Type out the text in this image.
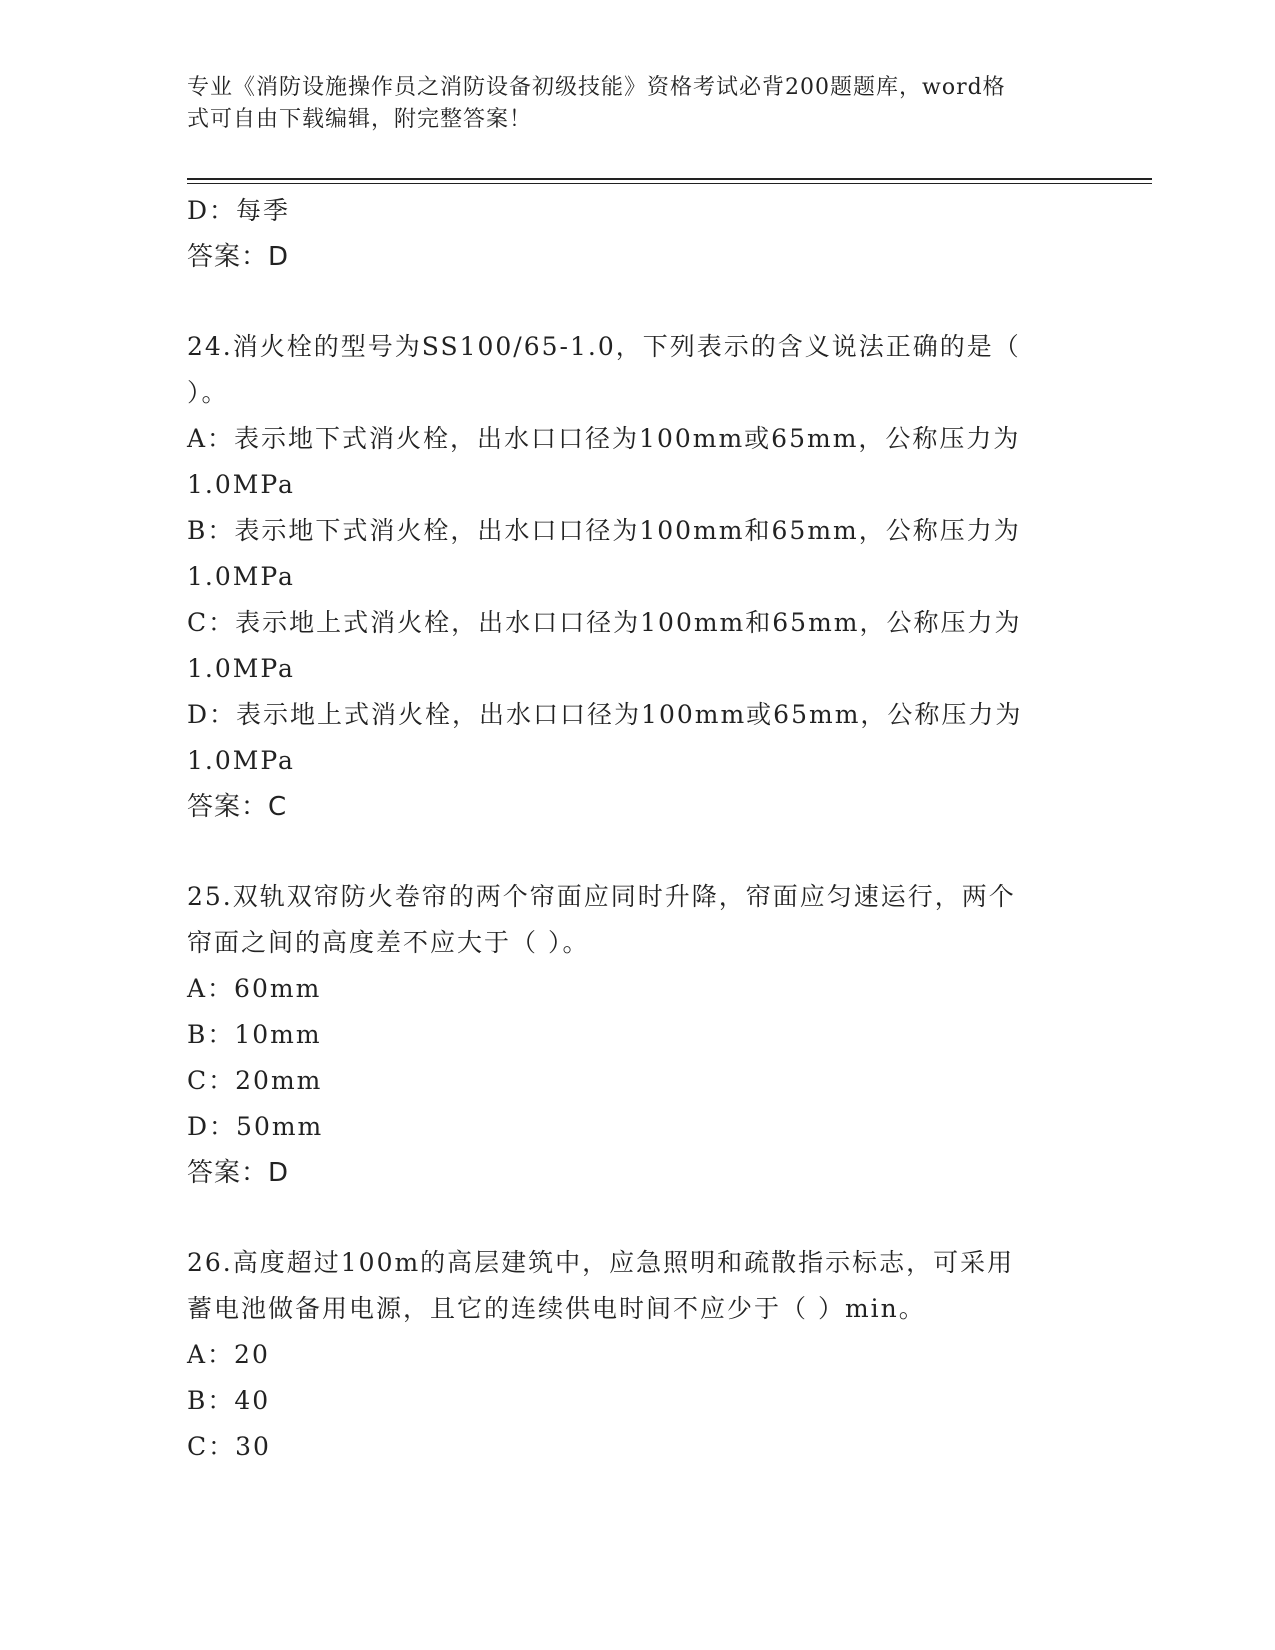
专业《消防设施操作员之消防设备初级技能》资格考试必背200题题库，word格
式可自由下载编辑，附完整答案！
D：每季
答案：D
24.消火栓的型号为SS100/65-1.0，下列表示的含义说法正确的是（
）。
A：表示地下式消火栓，出水口口径为100mm或65mm，公称压力为
1.0MPa
B：表示地下式消火栓，出水口口径为100mm和65mm，公称压力为
1.0MPa
C：表示地上式消火栓，出水口口径为100mm和65mm，公称压力为
1.0MPa
D：表示地上式消火栓，出水口口径为100mm或65mm，公称压力为
1.0MPa
答案：C
25.双轨双帘防火卷帘的两个帘面应同时升降，帘面应匀速运行，两个
帘面之间的高度差不应大于（ ）。
A：60mm
B：10mm
C：20mm
D：50mm
答案：D
26.高度超过100m的高层建筑中，应急照明和疏散指示标志，可采用
蓄电池做备用电源，且它的连续供电时间不应少于（ ）min。
A：20
B：40
C：30
